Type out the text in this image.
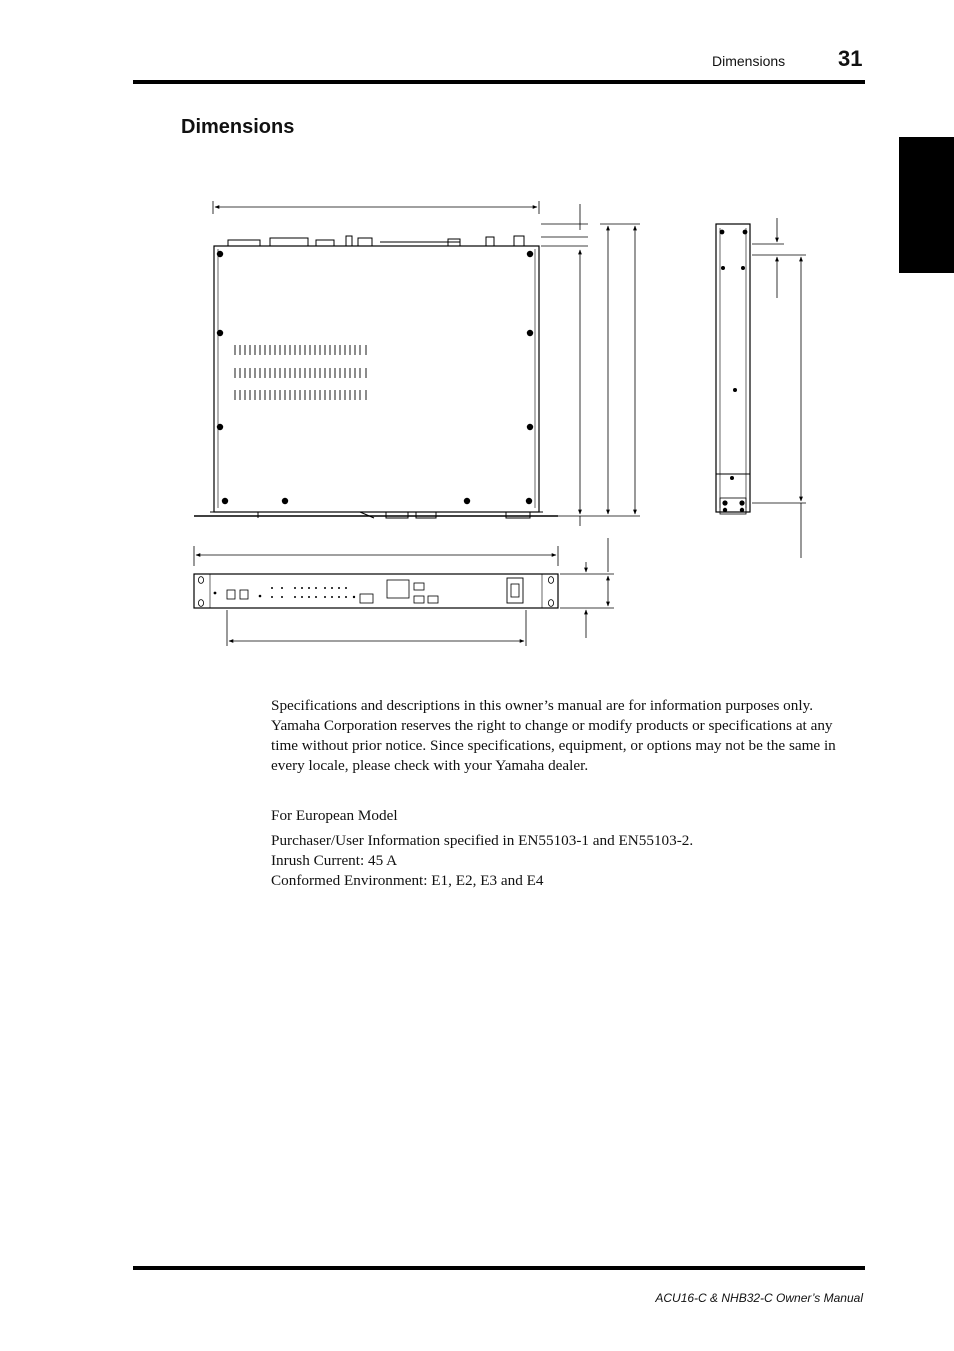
Dimensions 31
Dimensions

Specifications and descriptions in this owner’s manual are for information purposes only. Yamaha Corporation reserves the right to change or modify products or specifications at any time without prior notice. Since specifications, equipment, or options may not be the same in every locale, please check with your Yamaha dealer.

For European Model

Purchaser/User Information specified in EN55103-1 and EN55103-2.

Inrush Current: 45 A

Conformed Environment: E1, E2, E3 and E4

ACU16-C & NHB32-C Owner’s Manual
